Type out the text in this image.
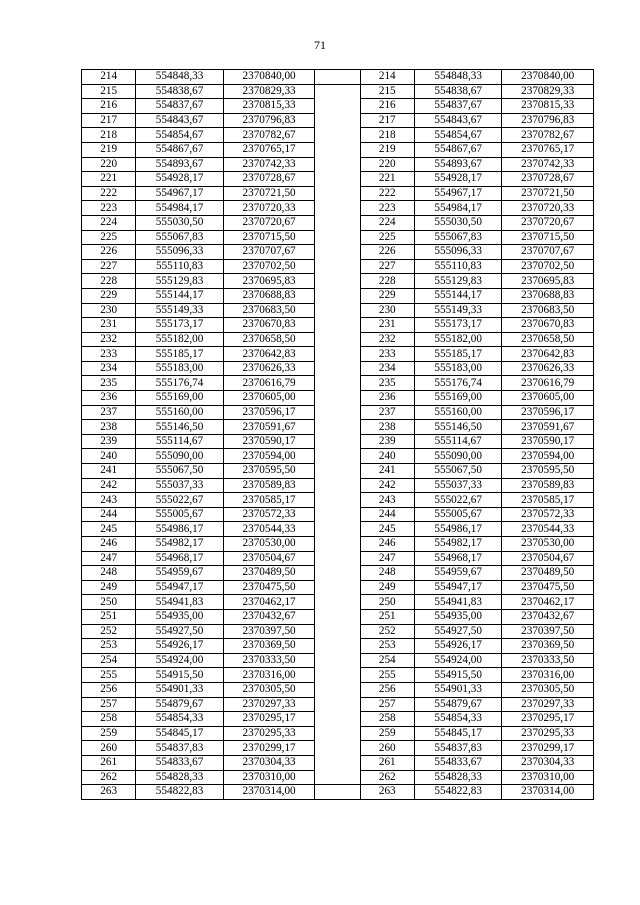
71
214	554848,33	2370840,00		214	554848,33	2370840,00
215	554838,67	2370829,33		215	554838,67	2370829,33
216	554837,67	2370815,33		216	554837,67	2370815,33
217	554843,67	2370796,83		217	554843,67	2370796,83
218	554854,67	2370782,67		218	554854,67	2370782,67
219	554867,67	2370765,17		219	554867,67	2370765,17
220	554893,67	2370742,33		220	554893,67	2370742,33
221	554928,17	2370728,67		221	554928,17	2370728,67
222	554967,17	2370721,50		222	554967,17	2370721,50
223	554984,17	2370720,33		223	554984,17	2370720,33
224	555030,50	2370720,67		224	555030,50	2370720,67
225	555067,83	2370715,50		225	555067,83	2370715,50
226	555096,33	2370707,67		226	555096,33	2370707,67
227	555110,83	2370702,50		227	555110,83	2370702,50
228	555129,83	2370695,83		228	555129,83	2370695,83
229	555144,17	2370688,83		229	555144,17	2370688,83
230	555149,33	2370683,50		230	555149,33	2370683,50
231	555173,17	2370670,83		231	555173,17	2370670,83
232	555182,00	2370658,50		232	555182,00	2370658,50
233	555185,17	2370642,83		233	555185,17	2370642,83
234	555183,00	2370626,33		234	555183,00	2370626,33
235	555176,74	2370616,79		235	555176,74	2370616,79
236	555169,00	2370605,00		236	555169,00	2370605,00
237	555160,00	2370596,17		237	555160,00	2370596,17
238	555146,50	2370591,67		238	555146,50	2370591,67
239	555114,67	2370590,17		239	555114,67	2370590,17
240	555090,00	2370594,00		240	555090,00	2370594,00
241	555067,50	2370595,50		241	555067,50	2370595,50
242	555037,33	2370589,83		242	555037,33	2370589,83
243	555022,67	2370585,17		243	555022,67	2370585,17
244	555005,67	2370572,33		244	555005,67	2370572,33
245	554986,17	2370544,33		245	554986,17	2370544,33
246	554982,17	2370530,00		246	554982,17	2370530,00
247	554968,17	2370504,67		247	554968,17	2370504,67
248	554959,67	2370489,50		248	554959,67	2370489,50
249	554947,17	2370475,50		249	554947,17	2370475,50
250	554941,83	2370462,17		250	554941,83	2370462,17
251	554935,00	2370432,67		251	554935,00	2370432,67
252	554927,50	2370397,50		252	554927,50	2370397,50
253	554926,17	2370369,50		253	554926,17	2370369,50
254	554924,00	2370333,50		254	554924,00	2370333,50
255	554915,50	2370316,00		255	554915,50	2370316,00
256	554901,33	2370305,50		256	554901,33	2370305,50
257	554879,67	2370297,33		257	554879,67	2370297,33
258	554854,33	2370295,17		258	554854,33	2370295,17
259	554845,17	2370295,33		259	554845,17	2370295,33
260	554837,83	2370299,17		260	554837,83	2370299,17
261	554833,67	2370304,33		261	554833,67	2370304,33
262	554828,33	2370310,00		262	554828,33	2370310,00
263	554822,83	2370314,00		263	554822,83	2370314,00
